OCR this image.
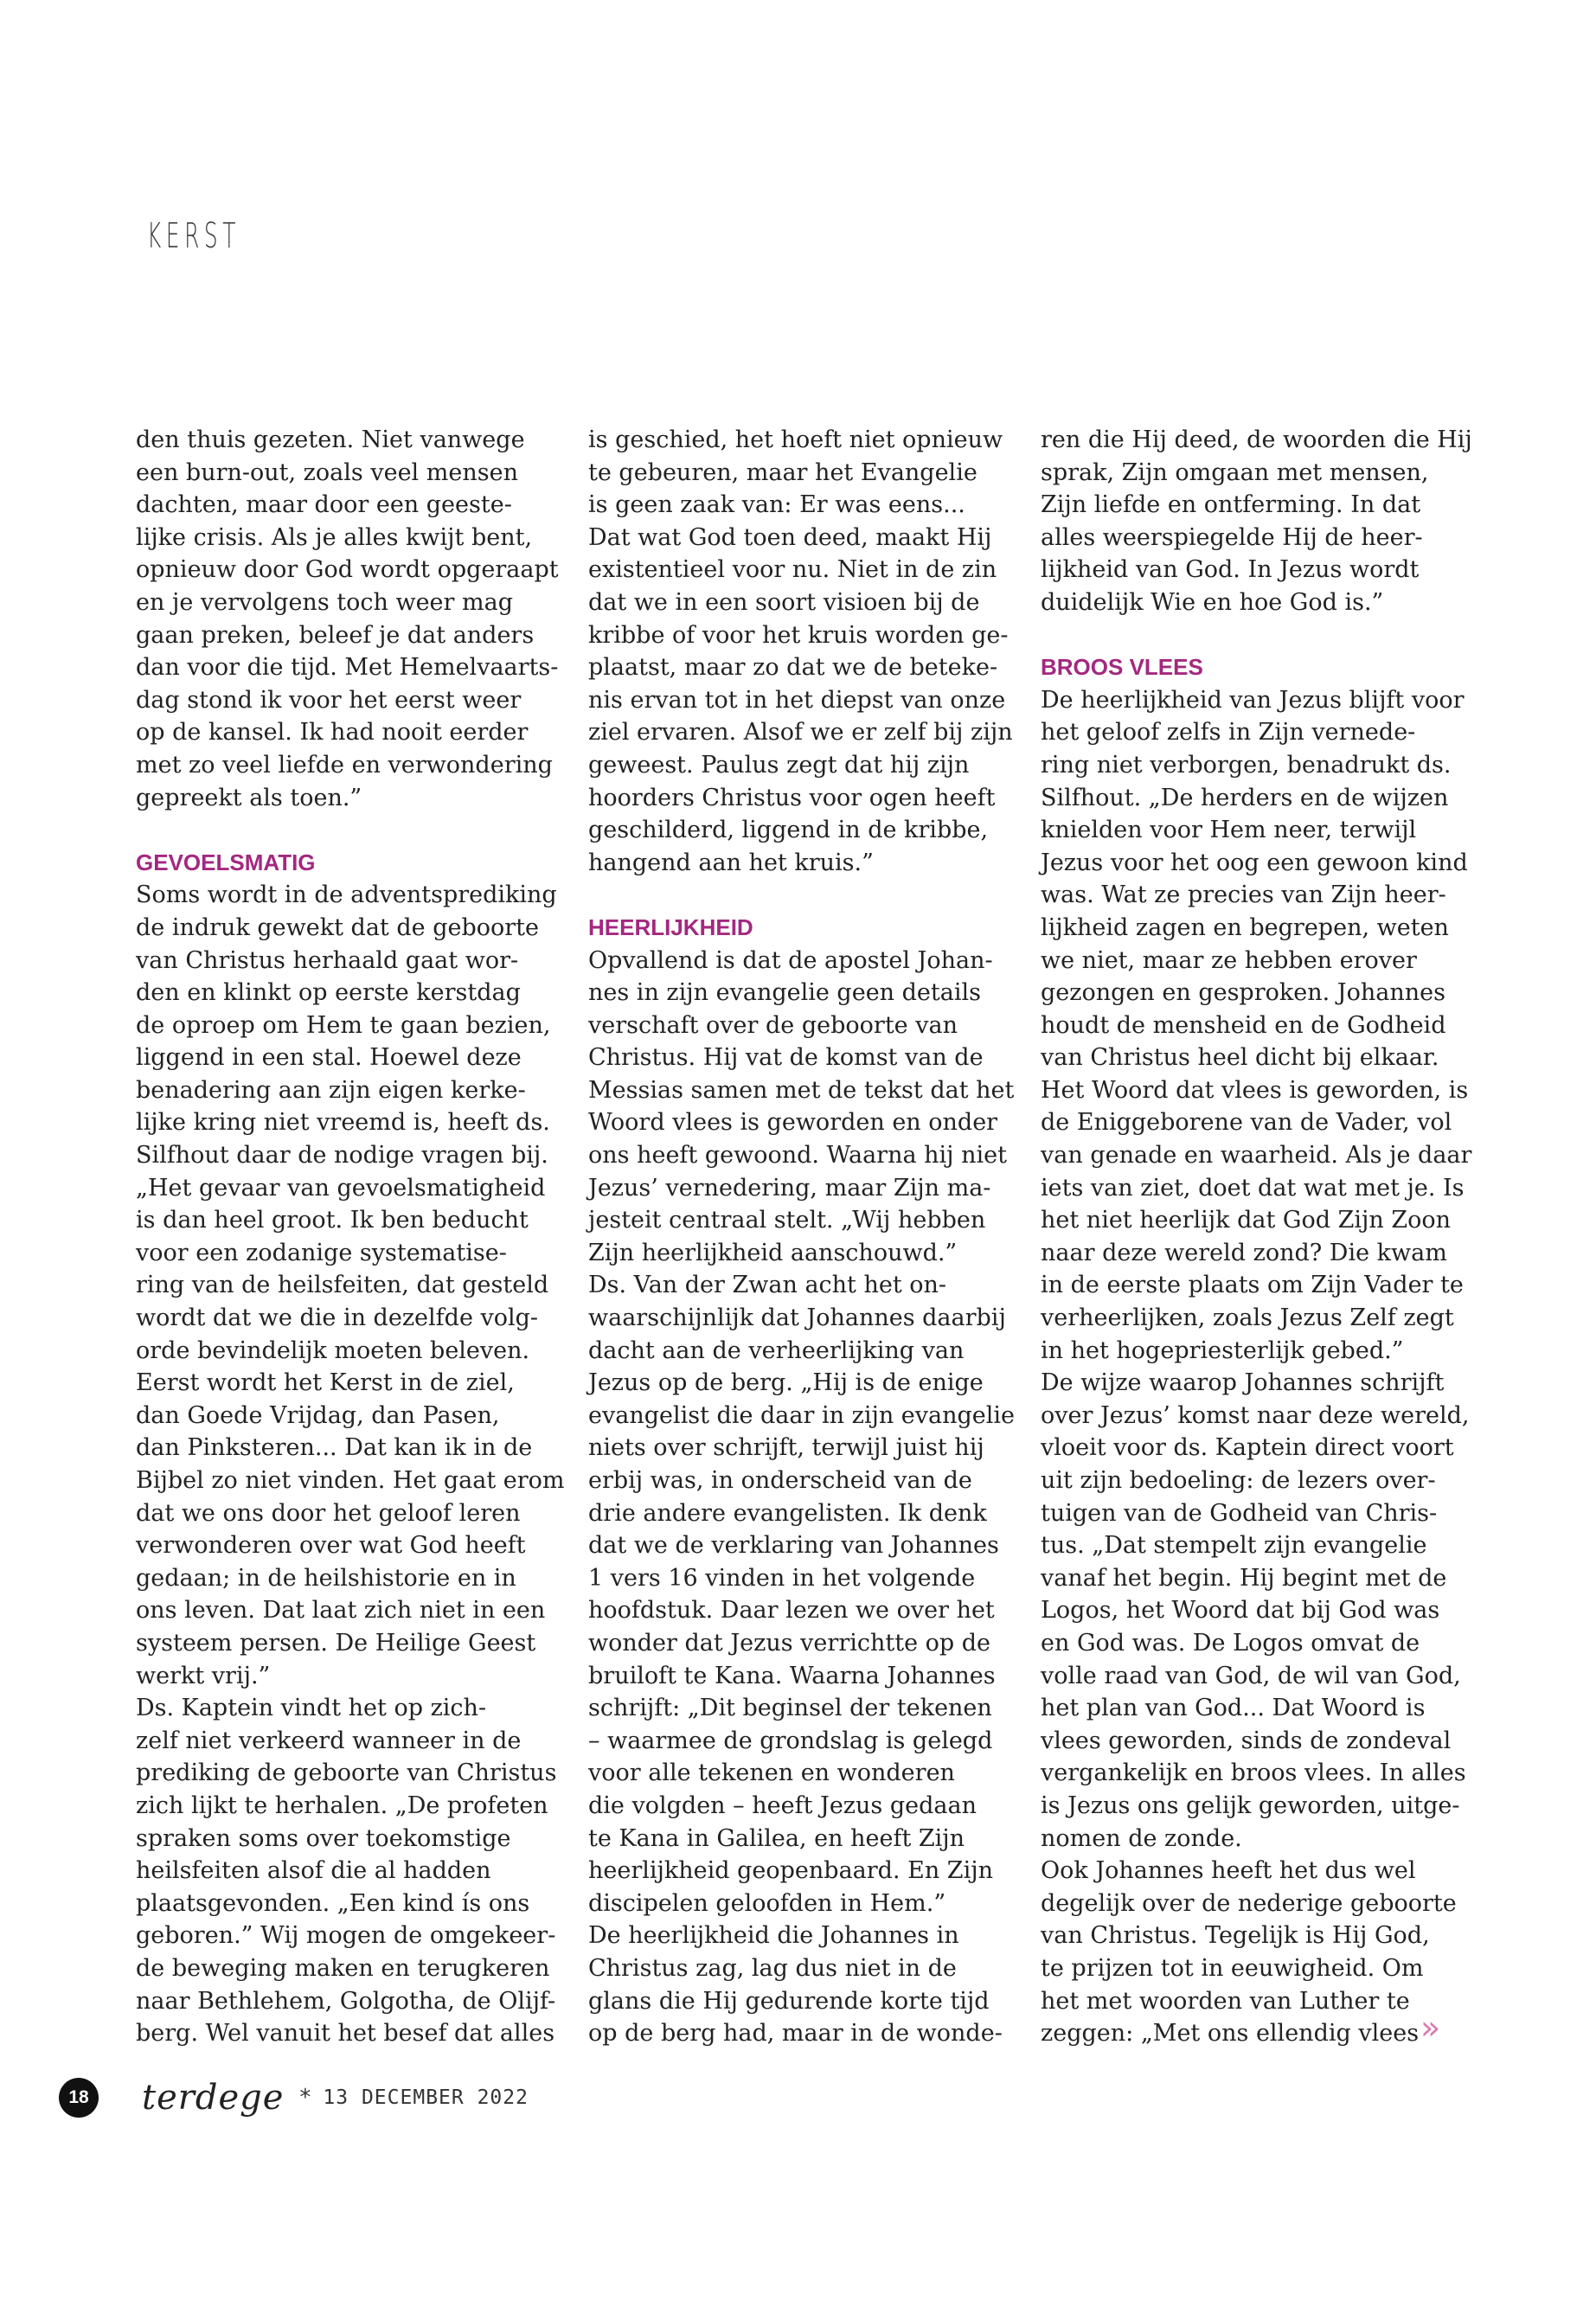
KERST
den thuis gezeten. Niet vanwege
een burn-out, zoals veel mensen
dachten, maar door een geeste-
lijke crisis. Als je alles kwijt bent,
opnieuw door God wordt opgeraapt
en je vervolgens toch weer mag
gaan preken, beleef je dat anders
dan voor die tijd. Met Hemelvaarts-
dag stond ik voor het eerst weer
op de kansel. Ik had nooit eerder
met zo veel liefde en verwondering
gepreekt als toen.”
GEVOELSMATIG
Soms wordt in de adventsprediking
de indruk gewekt dat de geboorte
van Christus herhaald gaat wor-
den en klinkt op eerste kerstdag
de oproep om Hem te gaan bezien,
liggend in een stal. Hoewel deze
benadering aan zijn eigen kerke-
lijke kring niet vreemd is, heeft ds.
Silfhout daar de nodige vragen bij.
„Het gevaar van gevoelsmatigheid
is dan heel groot. Ik ben beducht
voor een zodanige systematise-
ring van de heilsfeiten, dat gesteld
wordt dat we die in dezelfde volg-
orde bevindelijk moeten beleven.
Eerst wordt het Kerst in de ziel,
dan Goede Vrijdag, dan Pasen,
dan Pinksteren... Dat kan ik in de
Bijbel zo niet vinden. Het gaat erom
dat we ons door het geloof leren
verwonderen over wat God heeft
gedaan; in de heilshistorie en in
ons leven. Dat laat zich niet in een
systeem persen. De Heilige Geest
werkt vrij.”
Ds. Kaptein vindt het op zich-
zelf niet verkeerd wanneer in de
prediking de geboorte van Christus
zich lijkt te herhalen. „De profeten
spraken soms over toekomstige
heilsfeiten alsof die al hadden
plaatsgevonden. „Een kind ís ons
geboren.” Wij mogen de omgekeer-
de beweging maken en terugkeren
naar Bethlehem, Golgotha, de Olijf-
berg. Wel vanuit het besef dat alles
is geschied, het hoeft niet opnieuw
te gebeuren, maar het Evangelie
is geen zaak van: Er was eens...
Dat wat God toen deed, maakt Hij
existentieel voor nu. Niet in de zin
dat we in een soort visioen bij de
kribbe of voor het kruis worden ge-
plaatst, maar zo dat we de beteke-
nis ervan tot in het diepst van onze
ziel ervaren. Alsof we er zelf bij zijn
geweest. Paulus zegt dat hij zijn
hoorders Christus voor ogen heeft
geschilderd, liggend in de kribbe,
hangend aan het kruis.”
HEERLIJKHEID
Opvallend is dat de apostel Johan-
nes in zijn evangelie geen details
verschaft over de geboorte van
Christus. Hij vat de komst van de
Messias samen met de tekst dat het
Woord vlees is geworden en onder
ons heeft gewoond. Waarna hij niet
Jezus’ vernedering, maar Zijn ma-
jesteit centraal stelt. „Wij hebben
Zijn heerlijkheid aanschouwd.”
Ds. Van der Zwan acht het on-
waarschijnlijk dat Johannes daarbij
dacht aan de verheerlijking van
Jezus op de berg. „Hij is de enige
evangelist die daar in zijn evangelie
niets over schrijft, terwijl juist hij
erbij was, in onderscheid van de
drie andere evangelisten. Ik denk
dat we de verklaring van Johannes
1 vers 16 vinden in het volgende
hoofdstuk. Daar lezen we over het
wonder dat Jezus verrichtte op de
bruiloft te Kana. Waarna Johannes
schrijft: „Dit beginsel der tekenen
– waarmee de grondslag is gelegd
voor alle tekenen en wonderen
die volgden – heeft Jezus gedaan
te Kana in Galilea, en heeft Zijn
heerlijkheid geopenbaard. En Zijn
discipelen geloofden in Hem.”
De heerlijkheid die Johannes in
Christus zag, lag dus niet in de
glans die Hij gedurende korte tijd
op de berg had, maar in de wonde-
ren die Hij deed, de woorden die Hij
sprak, Zijn omgaan met mensen,
Zijn liefde en ontferming. In dat
alles weerspiegelde Hij de heer-
lijkheid van God. In Jezus wordt
duidelijk Wie en hoe God is.”
BROOS VLEES
De heerlijkheid van Jezus blijft voor
het geloof zelfs in Zijn vernede-
ring niet verborgen, benadrukt ds.
Silfhout. „De herders en de wijzen
knielden voor Hem neer, terwijl
Jezus voor het oog een gewoon kind
was. Wat ze precies van Zijn heer-
lijkheid zagen en begrepen, weten
we niet, maar ze hebben erover
gezongen en gesproken. Johannes
houdt de mensheid en de Godheid
van Christus heel dicht bij elkaar.
Het Woord dat vlees is geworden, is
de Eniggeborene van de Vader, vol
van genade en waarheid. Als je daar
iets van ziet, doet dat wat met je. Is
het niet heerlijk dat God Zijn Zoon
naar deze wereld zond? Die kwam
in de eerste plaats om Zijn Vader te
verheerlijken, zoals Jezus Zelf zegt
in het hogepriesterlijk gebed.”
De wijze waarop Johannes schrijft
over Jezus’ komst naar deze wereld,
vloeit voor ds. Kaptein direct voort
uit zijn bedoeling: de lezers over-
tuigen van de Godheid van Chris-
tus. „Dat stempelt zijn evangelie
vanaf het begin. Hij begint met de
Logos, het Woord dat bij God was
en God was. De Logos omvat de
volle raad van God, de wil van God,
het plan van God... Dat Woord is
vlees geworden, sinds de zondeval
vergankelijk en broos vlees. In alles
is Jezus ons gelijk geworden, uitge-
nomen de zonde.
Ook Johannes heeft het dus wel
degelijk over de nederige geboorte
van Christus. Tegelijk is Hij God,
te prijzen tot in eeuwigheid. Om
het met woorden van Luther te
zeggen: „Met ons ellendig vlees »
18 terdege * 13 DECEMBER 2022
